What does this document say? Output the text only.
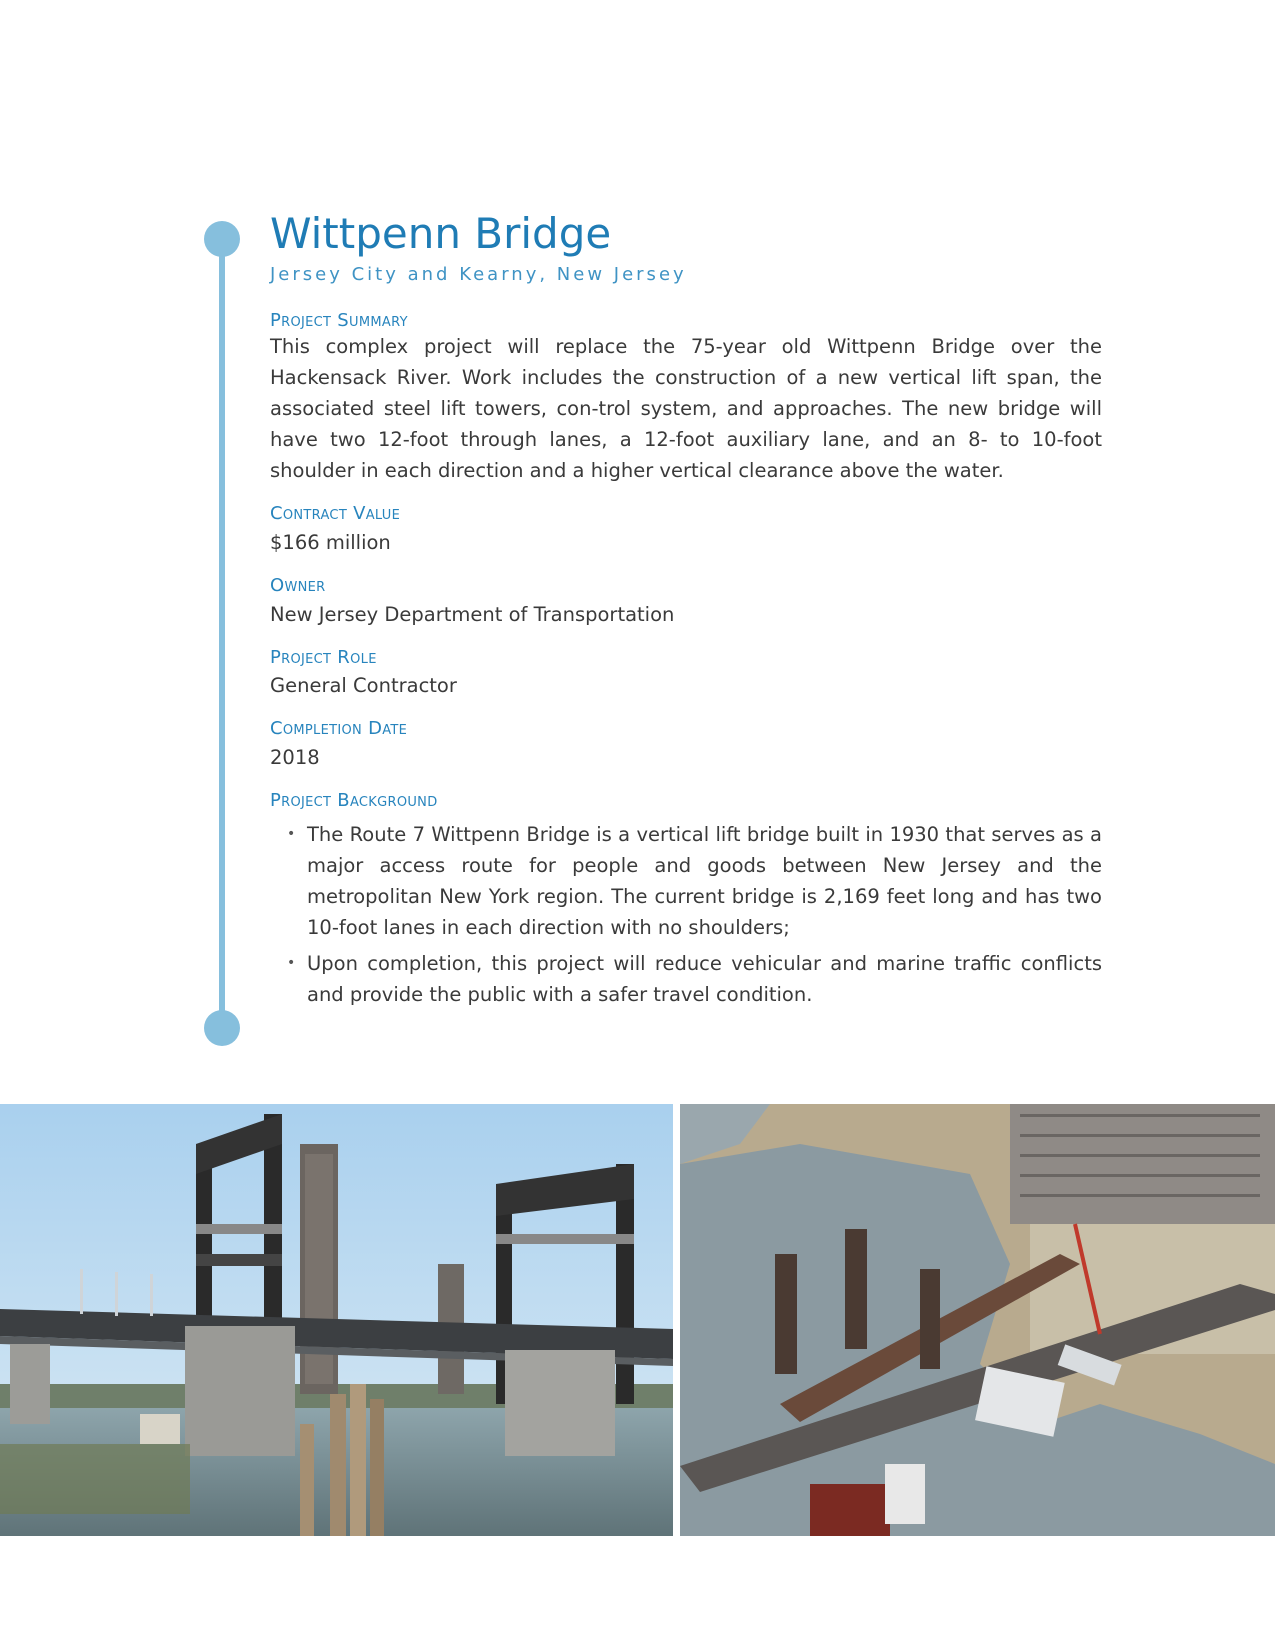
Wittpenn Bridge
Jersey City and Kearny, New Jersey
Project Summary
This complex project will replace the 75-year old Wittpenn Bridge over the Hackensack River. Work includes the construction of a new vertical lift span, the associated steel lift towers, con-trol system, and approaches. The new bridge will have two 12-foot through lanes, a 12-foot auxiliary lane, and an 8- to 10-foot shoulder in each direction and a higher vertical clearance above the water.
Contract Value
$166 million
Owner
New Jersey Department of Transportation
Project Role
General Contractor
Completion Date
2018
Project Background
• The Route 7 Wittpenn Bridge is a vertical lift bridge built in 1930 that serves as a major access route for people and goods between New Jersey and the metropolitan New York region. The current bridge is 2,169 feet long and has two 10-foot lanes in each direction with no shoulders;
• Upon completion, this project will reduce vehicular and marine traffic conflicts and provide the public with a safer travel condition.
